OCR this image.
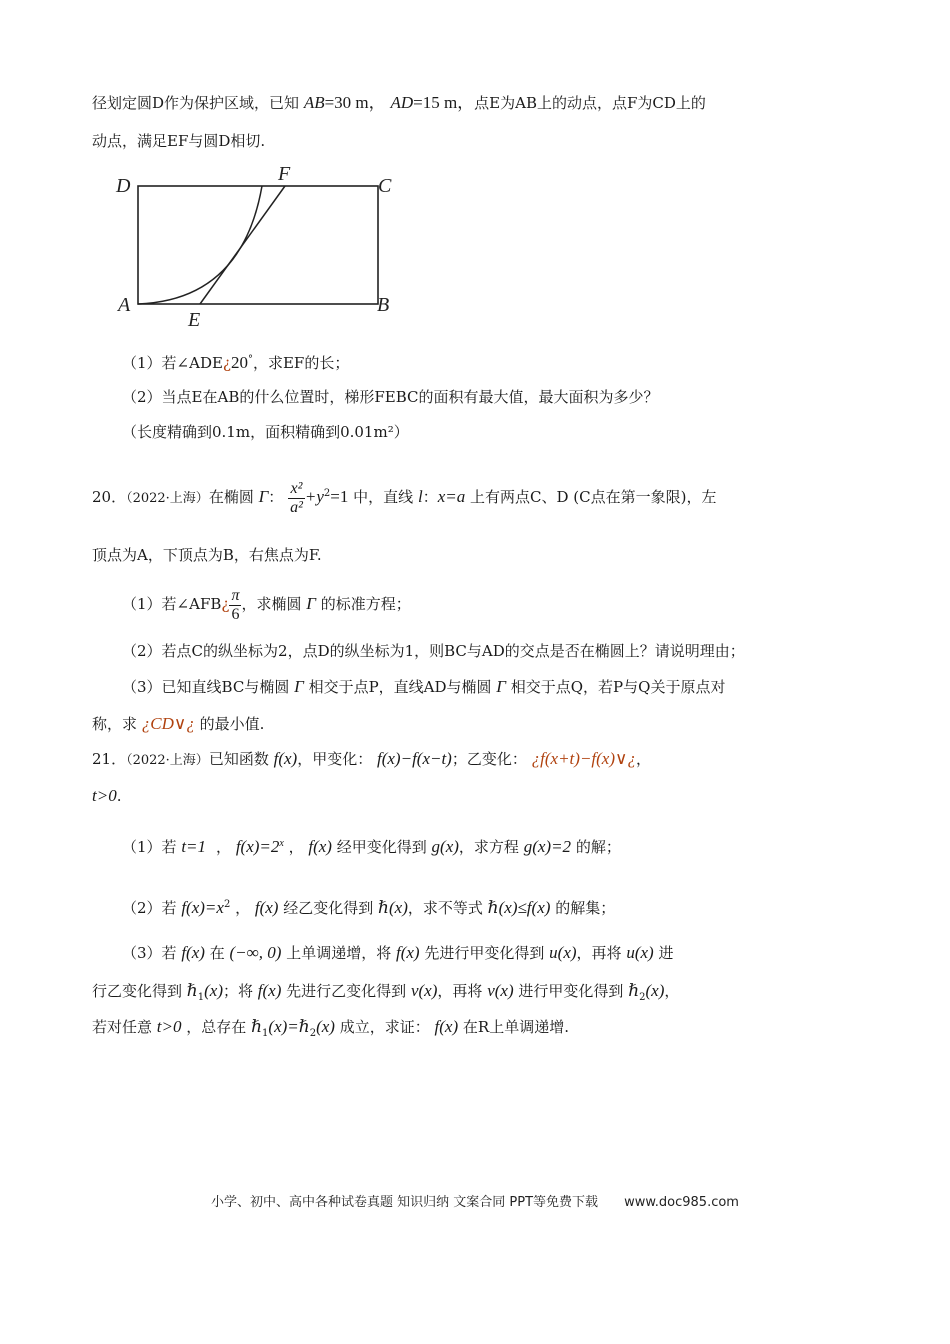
径划定圆D作为保护区域，已知 AB=30 m， AD=15 m，点E为AB上的动点，点F为CD上的
动点，满足EF与圆D相切.
D
F
C
A
E
B
（1）若∠ADE¿20°，求EF的长；
（2）当点E在AB的什么位置时，梯形FEBC的面积有最大值，最大面积为多少？
（长度精确到0.1m，面积精确到0.01m²）
20．（2022·上海）在椭圆 Γ： $\frac{\text{x²}}{\text{a²}} +y^2=1$ 中，直线 l：x=a 上有两点C、D (C点在第一象限)，左
顶点为A，下顶点为B，右焦点为F.
（1）若∠AFB¿ $\frac{\pi}{6}$ ，求椭圆 Γ 的标准方程；
（2）若点C的纵坐标为2，点D的纵坐标为1，则BC与AD的交点是否在椭圆上？请说明理由；
（3）已知直线BC与椭圆 Γ 相交于点P，直线AD与椭圆 Γ 相交于点Q，若P与Q关于原点对
称，求 ¿CD∨¿ 的最小值.
21．（2022·上海）已知函数 f(x)，甲变化： f(x)−f(x−t)；乙变化： ¿f(x+t)−f(x)∨¿，
t>0.
（1）若 t=1 ， $f(x)=2^x$ ， f(x) 经甲变化得到 g(x)，求方程 g(x)=2 的解；
（2）若 $f(x)=x^2$ ， f(x) 经乙变化得到 ℏ(x)，求不等式 ℏ(x)≤f(x) 的解集；
（3）若 f(x) 在 (−∞, 0) 上单调递增，将 f(x) 先进行甲变化得到 u(x)，再将 u(x) 进
行乙变化得到 ℏ$_1$(x)；将 f(x) 先进行乙变化得到 v(x)，再将 v(x) 进行甲变化得到 ℏ$_2$(x)，
若对任意 t>0 ，总存在 ℏ$_1$(x)=ℏ$_2$(x) 成立，求证： f(x) 在R上单调递增.
小学、初中、高中各种试卷真题 知识归纳 文案合同 PPT等免费下载 www.doc985.com
